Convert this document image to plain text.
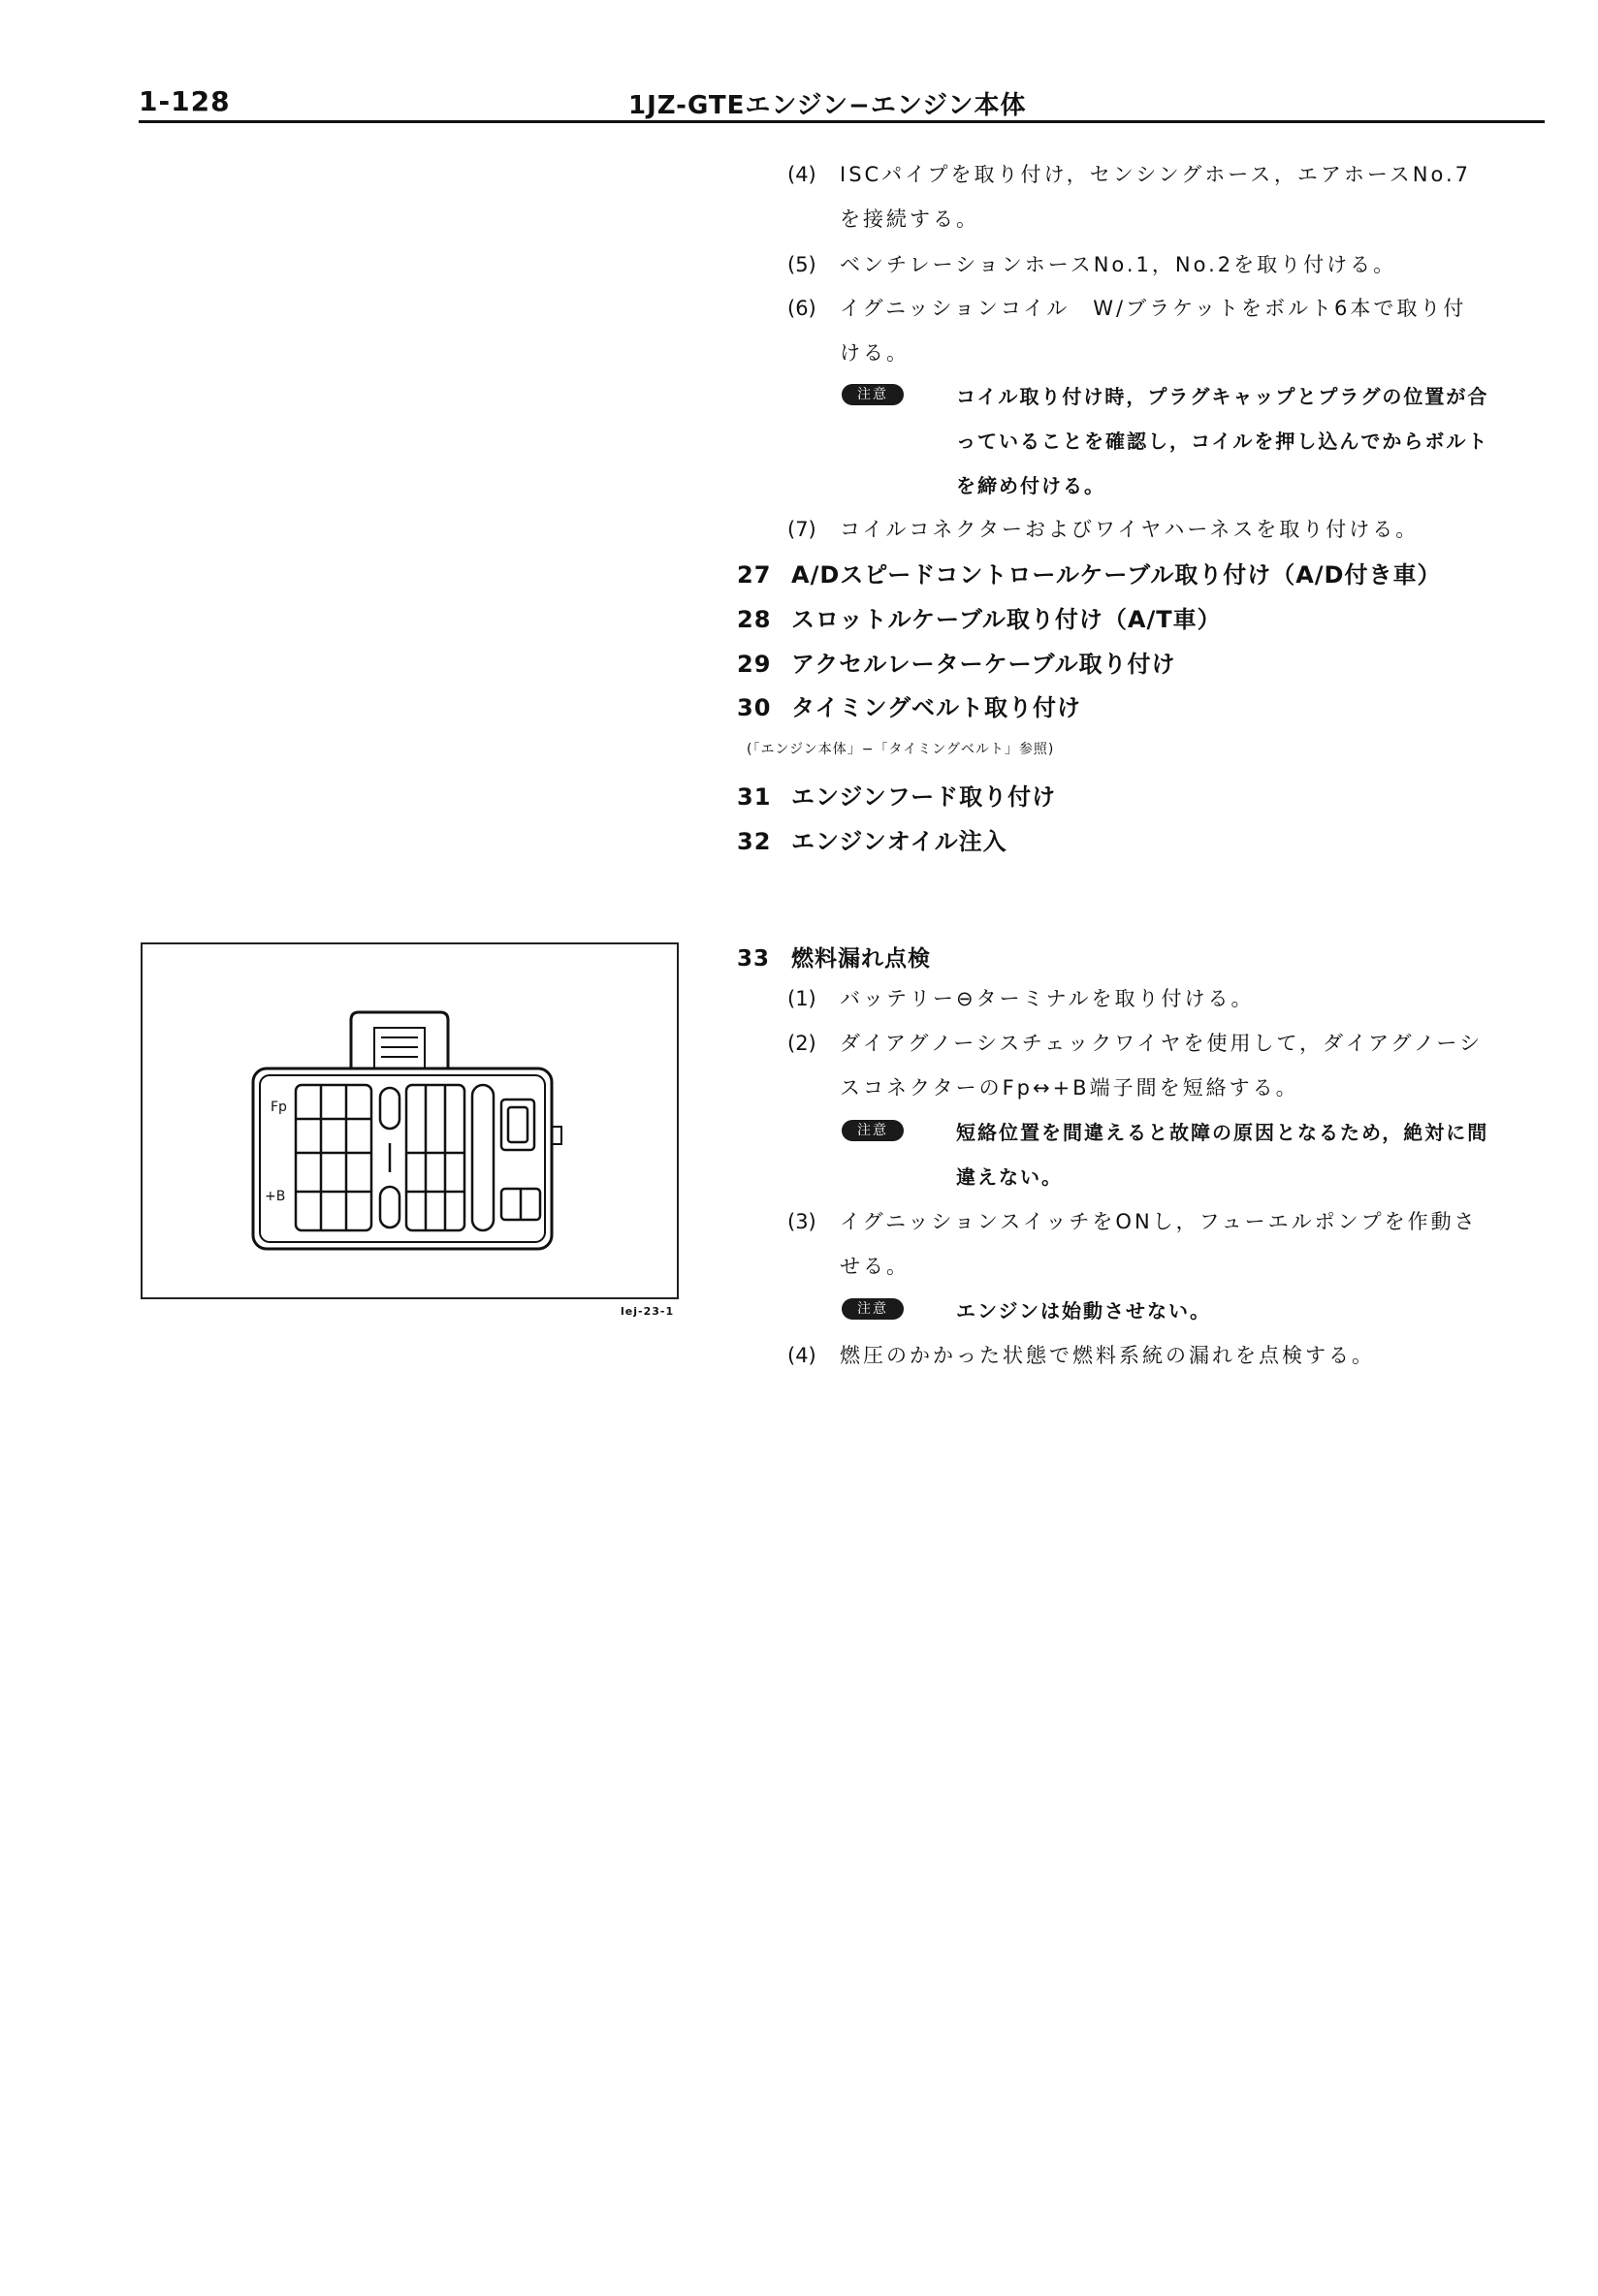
1-128	1JZ-GTEエンジン−エンジン本体
(4) ISCパイプを取り付け，センシングホース，エアホースNo.7
を接続する。
(5) ベンチレーションホースNo.1，No.2を取り付ける。
(6) イグニッションコイル　W/ブラケットをボルト6本で取り付
ける。
注意	コイル取り付け時，プラグキャップとプラグの位置が合
っていることを確認し，コイルを押し込んでからボルト
を締め付ける。
(7) コイルコネクターおよびワイヤハーネスを取り付ける。
27 A/Dスピードコントロールケーブル取り付け（A/D付き車）
28 スロットルケーブル取り付け（A/T車）
29 アクセルレーターケーブル取り付け
30 タイミングベルト取り付け
(「エンジン本体」−「タイミングベルト」参照)
31 エンジンフード取り付け
32 エンジンオイル注入
33 燃料漏れ点検
(1) バッテリー⊖ターミナルを取り付ける。
(2) ダイアグノーシスチェックワイヤを使用して，ダイアグノーシ
スコネクターのFp↔+B端子間を短絡する。
注意	短絡位置を間違えると故障の原因となるため，絶対に間
違えない。
(3) イグニッションスイッチをONし，フューエルポンプを作動さ
せる。
注意	エンジンは始動させない。
(4) 燃圧のかかった状態で燃料系統の漏れを点検する。
Fp
+B
lej-23-1
